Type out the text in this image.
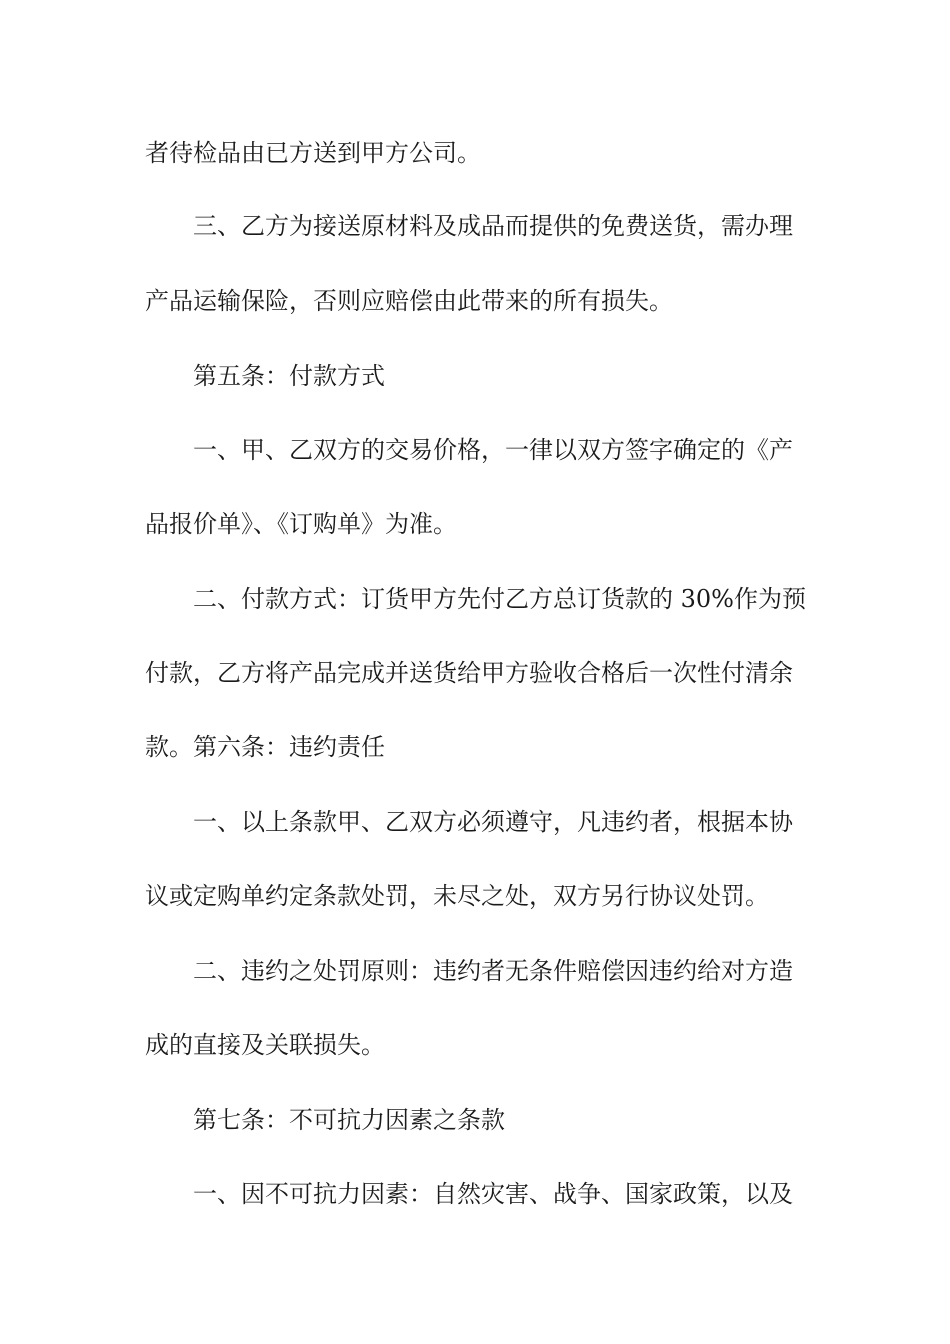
者待检品由已方送到甲方公司。
三、乙方为接送原材料及成品而提供的免费送货，需办理
产品运输保险，否则应赔偿由此带来的所有损失。
第五条：付款方式
一、甲、乙双方的交易价格，一律以双方签字确定的《产
品报价单》、《订购单》为准。
二、付款方式：订货甲方先付乙方总订货款的 30%作为预
付款，乙方将产品完成并送货给甲方验收合格后一次性付清余
款。第六条：违约责任
一、以上条款甲、乙双方必须遵守，凡违约者，根据本协
议或定购单约定条款处罚，未尽之处，双方另行协议处罚。
二、违约之处罚原则：违约者无条件赔偿因违约给对方造
成的直接及关联损失。
第七条：不可抗力因素之条款
一、因不可抗力因素：自然灾害、战争、国家政策，以及
